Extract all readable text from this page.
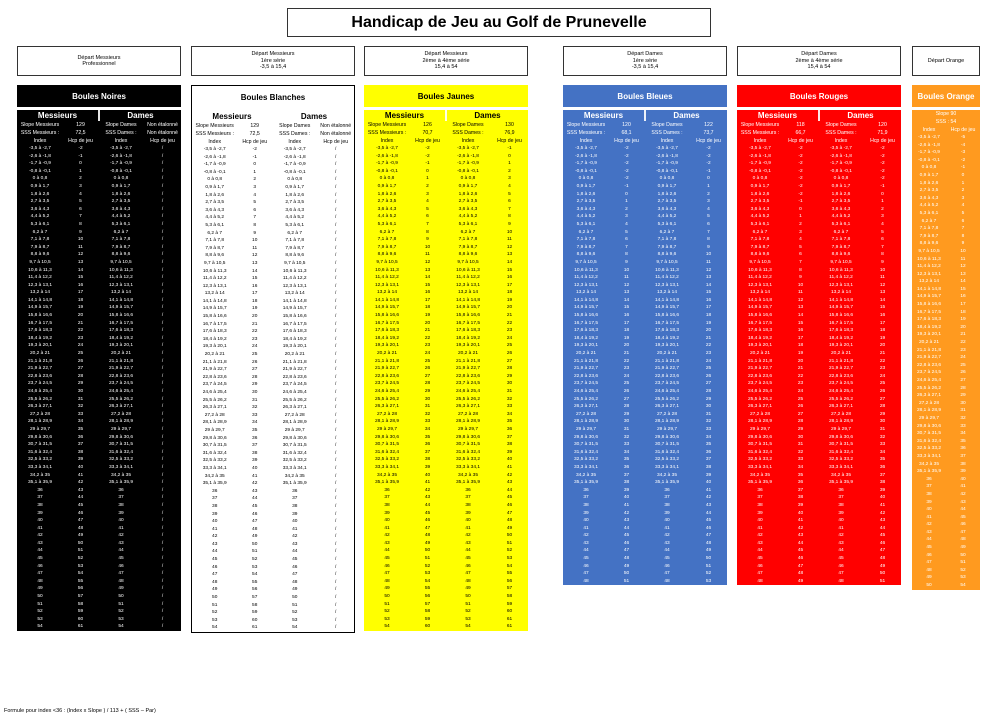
Handicap de Jeu au Golf de Prunevelle
Départ Messieurs
Professionnel
Départ Messieurs
1ère série
-3,5 à 15,4
Départ Messieurs
2ème à 4ème série
15,4 à 54
Départ Dames
1ère série
-3,5 à 15,4
Départ Dames
2ème à 4ème série
15,4 à 54
Départ Orange
Boules Noires
Messieurs	Dames
Slope Messieurs	129	Slope Dames	Non étalonné
SSS Messieurs :	72,5	SSS Dames :	Non étalonné
Index	Hcp de jeu	Index	Hcp de jeu
-3,5 à -2,7	-2	-3,5 à -2,7	/
-2,6 à -1,8	-1	-2,6 à -1,8	/
-1,7 à -0,9	0	-1,7 à -0,9	/
-0,8 à -0,1	1	-0,8 à -0,1	/
0 à 0,8	2	0 à 0,8	/
0,9 à 1,7	3	0,9 à 1,7	/
1,8 à 2,6	4	1,8 à 2,6	/
2,7 à 3,5	5	2,7 à 3,5	/
3,6 à 4,3	6	3,6 à 4,3	/
4,4 à 5,2	7	4,4 à 5,2	/
5,3 à 6,1	8	5,3 à 6,1	/
6,2 à 7	9	6,2 à 7	/
7,1 à 7,8	10	7,1 à 7,8	/
7,9 à 8,7	11	7,9 à 8,7	/
8,8 à 9,6	12	8,8 à 9,6	/
9,7 à 10,5	13	9,7 à 10,5	/
10,6 à 11,3	14	10,6 à 11,3	/
11,4 à 12,2	15	11,4 à 12,2	/
12,3 à 13,1	16	12,3 à 13,1	/
13,2 à 14	17	13,2 à 14	/
14,1 à 14,8	18	14,1 à 14,8	/
14,9 à 15,7	19	14,9 à 15,7	/
15,8 à 16,6	20	15,8 à 16,6	/
16,7 à 17,5	21	16,7 à 17,5	/
17,6 à 18,3	22	17,6 à 18,3	/
18,4 à 19,2	23	18,4 à 19,2	/
19,3 à 20,1	24	19,3 à 20,1	/
20,2 à 21	25	20,2 à 21	/
21,1 à 21,8	26	21,1 à 21,8	/
21,9 à 22,7	27	21,9 à 22,7	/
22,8 à 23,6	28	22,8 à 23,6	/
23,7 à 24,5	29	23,7 à 24,5	/
24,6 à 25,4	30	24,6 à 25,4	/
25,5 à 26,2	31	25,5 à 26,2	/
26,3 à 27,1	32	26,3 à 27,1	/
27,2 à 28	33	27,2 à 28	/
28,1 à 28,9	34	28,1 à 28,9	/
29 à 29,7	35	29 à 29,7	/
29,8 à 30,6	36	29,8 à 30,6	/
30,7 à 31,5	37	30,7 à 31,5	/
31,6 à 32,4	38	31,6 à 32,4	/
32,5 à 33,2	39	32,5 à 33,2	/
33,3 à 34,1	40	33,3 à 34,1	/
34,2 à 35	41	34,2 à 35	/
35,1 à 35,9	42	35,1 à 35,9	/
36	43	36	/
37	44	37	/
38	45	38	/
39	46	39	/
40	47	40	/
41	48	41	/
42	49	42	/
43	50	43	/
44	51	44	/
45	52	45	/
46	53	46	/
47	54	47	/
48	55	48	/
49	56	49	/
50	57	50	/
51	58	51	/
52	59	52	/
53	60	53	/
54	61	54	/
Boules Blanches
Messieurs	Dames
Slope Messieurs	129	Slope Dames	Non étalonné
SSS Messieurs :	72,5	SSS Dames :	Non étalonné
Index	Hcp de jeu	Index	Hcp de jeu
-3,5 à -2,7	-2	-3,5 à -2,7	/
-2,6 à -1,8	-1	-2,6 à -1,8	/
-1,7 à -0,9	0	-1,7 à -0,9	/
-0,8 à -0,1	1	-0,8 à -0,1	/
0 à 0,8	2	0 à 0,8	/
0,9 à 1,7	3	0,9 à 1,7	/
1,8 à 2,6	4	1,8 à 2,6	/
2,7 à 3,5	5	2,7 à 3,5	/
3,6 à 4,3	6	3,6 à 4,3	/
4,4 à 5,2	7	4,4 à 5,2	/
5,3 à 6,1	8	5,3 à 6,1	/
6,2 à 7	9	6,2 à 7	/
7,1 à 7,8	10	7,1 à 7,8	/
7,9 à 8,7	11	7,9 à 8,7	/
8,8 à 9,6	12	8,8 à 9,6	/
9,7 à 10,5	13	9,7 à 10,5	/
10,6 à 11,3	14	10,6 à 11,3	/
11,4 à 12,2	15	11,4 à 12,2	/
12,3 à 13,1	16	12,3 à 13,1	/
13,2 à 14	17	13,2 à 14	/
14,1 à 14,8	18	14,1 à 14,8	/
14,9 à 15,7	19	14,9 à 15,7	/
15,8 à 16,6	20	15,8 à 16,6	/
16,7 à 17,5	21	16,7 à 17,5	/
17,6 à 18,3	22	17,6 à 18,3	/
18,4 à 19,2	23	18,4 à 19,2	/
19,3 à 20,1	24	19,3 à 20,1	/
20,2 à 21	25	20,2 à 21	/
21,1 à 21,8	26	21,1 à 21,8	/
21,9 à 22,7	27	21,9 à 22,7	/
22,8 à 23,6	28	22,8 à 23,6	/
23,7 à 24,5	29	23,7 à 24,5	/
24,6 à 25,4	30	24,6 à 25,4	/
25,5 à 26,2	31	25,5 à 26,2	/
26,3 à 27,1	32	26,3 à 27,1	/
27,2 à 28	33	27,2 à 28	/
28,1 à 28,9	34	28,1 à 28,9	/
29 à 29,7	35	29 à 29,7	/
29,8 à 30,6	36	29,8 à 30,6	/
30,7 à 31,5	37	30,7 à 31,5	/
31,6 à 32,4	38	31,6 à 32,4	/
32,5 à 33,2	39	32,5 à 33,2	/
33,3 à 34,1	40	33,3 à 34,1	/
34,2 à 35	41	34,2 à 35	/
35,1 à 35,9	42	35,1 à 35,9	/
36	43	36	/
37	44	37	/
38	45	38	/
39	46	39	/
40	47	40	/
41	48	41	/
42	49	42	/
43	50	43	/
44	51	44	/
45	52	45	/
46	53	46	/
47	54	47	/
48	55	48	/
49	56	49	/
50	57	50	/
51	58	51	/
52	59	52	/
53	60	53	/
54	61	54	/
Boules Jaunes
Messieurs	Dames
Slope Messieurs	126	Slope Dames	130
SSS Messieurs :	70,7	SSS Dames :	76,9
Index	Hcp de jeu	Index	Hcp de jeu
-3,5 à -2,7	-2	-3,5 à -2,7	-1
-2,6 à -1,8	-2	-2,6 à -1,8	0
-1,7 à -0,9	-1	-1,7 à -0,9	1
-0,8 à -0,1	0	-0,8 à -0,1	2
0 à 0,8	1	0 à 0,8	3
0,9 à 1,7	2	0,9 à 1,7	4
1,8 à 2,6	3	1,8 à 2,6	5
2,7 à 3,5	4	2,7 à 3,5	6
3,6 à 4,3	5	3,6 à 4,3	7
4,4 à 5,2	6	4,4 à 5,2	8
5,3 à 6,1	7	5,3 à 6,1	9
6,2 à 7	8	6,2 à 7	10
7,1 à 7,8	9	7,1 à 7,8	11
7,9 à 8,7	10	7,9 à 8,7	12
8,8 à 9,6	11	8,8 à 9,6	13
9,7 à 10,5	12	9,7 à 10,5	14
10,6 à 11,3	13	10,6 à 11,3	15
11,4 à 12,2	14	11,4 à 12,2	16
12,3 à 13,1	15	12,3 à 13,1	17
13,2 à 14	16	13,2 à 14	18
14,1 à 14,8	17	14,1 à 14,8	19
14,9 à 15,7	18	14,9 à 15,7	20
15,8 à 16,6	19	15,8 à 16,6	21
16,7 à 17,5	20	16,7 à 17,5	22
17,6 à 18,3	21	17,6 à 18,3	23
18,4 à 19,2	22	18,4 à 19,2	24
19,3 à 20,1	23	19,3 à 20,1	25
20,2 à 21	24	20,2 à 21	26
21,1 à 21,8	25	21,1 à 21,8	27
21,9 à 22,7	26	21,9 à 22,7	28
22,8 à 23,6	27	22,8 à 23,6	29
23,7 à 24,5	28	23,7 à 24,5	30
24,6 à 25,4	29	24,6 à 25,4	31
25,5 à 26,2	30	25,5 à 26,2	32
26,3 à 27,1	31	26,3 à 27,1	33
27,2 à 28	32	27,2 à 28	34
28,1 à 28,9	33	28,1 à 28,9	35
29 à 29,7	34	29 à 29,7	36
29,8 à 30,6	35	29,8 à 30,6	37
30,7 à 31,5	36	30,7 à 31,5	38
31,6 à 32,4	37	31,6 à 32,4	39
32,5 à 33,2	38	32,5 à 33,2	40
33,3 à 34,1	39	33,3 à 34,1	41
34,2 à 35	40	34,2 à 35	42
35,1 à 35,9	41	35,1 à 35,9	43
36	42	36	44
37	43	37	45
38	44	38	46
39	45	39	47
40	46	40	48
41	47	41	49
42	48	42	50
43	49	43	51
44	50	44	52
45	51	45	53
46	52	46	54
47	53	47	55
48	54	48	56
49	55	49	57
50	56	50	58
51	57	51	59
52	58	52	60
53	59	53	61
54	60	54	61
Boules Bleues
Messieurs	Dames
Slope Messieurs	120	Slope Dames	122
SSS Messieurs :	68,1	SSS Dames :	73,7
Index	Hcp de jeu	Index	Hcp de jeu
-3,5 à -2,7	-2	-3,5 à -2,7	-2
-2,6 à -1,8	-2	-2,6 à -1,8	-2
-1,7 à -0,9	-2	-1,7 à -0,9	-2
-0,8 à -0,1	-2	-0,8 à -0,1	-1
0 à 0,8	-2	0 à 0,8	0
0,9 à 1,7	-1	0,9 à 1,7	1
1,8 à 2,6	0	1,8 à 2,6	2
2,7 à 3,5	1	2,7 à 3,5	3
3,6 à 4,3	2	3,6 à 4,3	4
4,4 à 5,2	3	4,4 à 5,2	5
5,3 à 6,1	4	5,3 à 6,1	6
6,2 à 7	5	6,2 à 7	7
7,1 à 7,8	6	7,1 à 7,8	8
7,9 à 8,7	7	7,9 à 8,7	9
8,8 à 9,6	8	8,8 à 9,6	10
9,7 à 10,5	9	9,7 à 10,5	11
10,6 à 11,3	10	10,6 à 11,3	12
11,4 à 12,2	11	11,4 à 12,2	13
12,3 à 13,1	12	12,3 à 13,1	14
13,2 à 14	13	13,2 à 14	15
14,1 à 14,8	14	14,1 à 14,8	16
14,9 à 15,7	15	14,9 à 15,7	17
15,8 à 16,6	16	15,8 à 16,6	18
16,7 à 17,5	17	16,7 à 17,5	19
17,6 à 18,3	18	17,6 à 18,3	20
18,4 à 19,2	19	18,4 à 19,2	21
19,3 à 20,1	20	19,3 à 20,1	22
20,2 à 21	21	20,2 à 21	23
21,1 à 21,8	22	21,1 à 21,8	24
21,9 à 22,7	23	21,9 à 22,7	25
22,8 à 23,6	24	22,8 à 23,6	26
23,7 à 24,5	25	23,7 à 24,5	27
24,6 à 25,4	26	24,6 à 25,4	28
25,5 à 26,2	27	25,5 à 26,2	29
26,3 à 27,1	28	26,3 à 27,1	30
27,2 à 28	29	27,2 à 28	31
28,1 à 28,9	30	28,1 à 28,9	32
29 à 29,7	31	29 à 29,7	33
29,8 à 30,6	32	29,8 à 30,6	34
30,7 à 31,5	33	30,7 à 31,5	35
31,6 à 32,4	34	31,6 à 32,4	36
32,5 à 33,2	35	32,5 à 33,2	37
33,3 à 34,1	36	33,3 à 34,1	38
34,2 à 35	37	34,2 à 35	39
35,1 à 35,9	38	35,1 à 35,9	40
36	39	36	41
37	40	37	42
38	41	38	43
39	42	39	44
40	43	40	45
41	44	41	46
42	45	42	47
43	46	43	48
44	47	44	49
45	48	45	50
46	49	46	51
47	50	47	52
48	51	48	53
Boules Rouges
Messieurs	Dames
Slope Messieurs	118	Slope Dames	120
SSS Messieurs :	66,7	SSS Dames :	71,9
Index	Hcp de jeu	Index	Hcp de jeu
-3,5 à -2,7	-2	-3,5 à -2,7	-2
-2,6 à -1,8	-2	-2,6 à -1,8	-2
-1,7 à -0,9	-2	-1,7 à -0,9	-2
-0,8 à -0,1	-2	-0,8 à -0,1	-2
0 à 0,8	-2	0 à 0,8	-2
0,9 à 1,7	-2	0,9 à 1,7	-1
1,8 à 2,6	-2	1,8 à 2,6	0
2,7 à 3,5	-1	2,7 à 3,5	1
3,6 à 4,3	0	3,6 à 4,3	2
4,4 à 5,2	1	4,4 à 5,2	3
5,3 à 6,1	2	5,3 à 6,1	4
6,2 à 7	3	6,2 à 7	5
7,1 à 7,8	4	7,1 à 7,8	6
7,9 à 8,7	5	7,9 à 8,7	7
8,8 à 9,6	6	8,8 à 9,6	8
9,7 à 10,5	7	9,7 à 10,5	9
10,6 à 11,3	8	10,6 à 11,3	10
11,4 à 12,2	9	11,4 à 12,2	11
12,3 à 13,1	10	12,3 à 13,1	12
13,2 à 14	11	13,2 à 14	13
14,1 à 14,8	12	14,1 à 14,8	14
14,9 à 15,7	13	14,9 à 15,7	15
15,8 à 16,6	14	15,8 à 16,6	16
16,7 à 17,5	15	16,7 à 17,5	17
17,6 à 18,3	16	17,6 à 18,3	18
18,4 à 19,2	17	18,4 à 19,2	19
19,3 à 20,1	18	19,3 à 20,1	20
20,2 à 21	19	20,2 à 21	21
21,1 à 21,8	20	21,1 à 21,8	22
21,9 à 22,7	21	21,9 à 22,7	23
22,8 à 23,6	22	22,8 à 23,6	24
23,7 à 24,5	23	23,7 à 24,5	25
24,6 à 25,4	24	24,6 à 25,4	26
25,5 à 26,2	25	25,5 à 26,2	27
26,3 à 27,1	26	26,3 à 27,1	28
27,2 à 28	27	27,2 à 28	29
28,1 à 28,9	28	28,1 à 28,9	30
29 à 29,7	29	29 à 29,7	31
29,8 à 30,6	30	29,8 à 30,6	32
30,7 à 31,5	31	30,7 à 31,5	33
31,6 à 32,4	32	31,6 à 32,4	34
32,5 à 33,2	33	32,5 à 33,2	35
33,3 à 34,1	34	33,3 à 34,1	36
34,2 à 35	35	34,2 à 35	37
35,1 à 35,9	36	35,1 à 35,9	38
36	37	36	39
37	38	37	40
38	39	38	41
39	40	39	42
40	41	40	43
41	42	41	44
42	43	42	45
43	44	43	46
44	45	44	47
45	46	45	48
46	47	46	49
47	48	47	50
48	49	48	51
Boules Orange
Slope 90
SSS : 54
Index	Hcp de jeu
-3,5 à -2,7	-5
-2,6 à -1,8	-4
-1,7 à -0,9	-3
-0,8 à -0,1	-2
0 à 0,8	-1
0,9 à 1,7	0
1,8 à 2,6	1
2,7 à 3,5	2
3,6 à 4,3	3
4,4 à 5,2	4
5,3 à 6,1	5
6,2 à 7	6
7,1 à 7,8	7
7,9 à 8,7	8
8,8 à 9,6	9
9,7 à 10,5	10
10,6 à 11,3	11
11,4 à 12,2	12
12,3 à 13,1	13
13,2 à 14	14
14,1 à 14,8	15
14,9 à 15,7	16
15,8 à 16,6	17
16,7 à 17,5	18
17,6 à 18,3	19
18,4 à 19,2	20
19,3 à 20,1	21
20,2 à 21	22
21,1 à 21,8	23
21,9 à 22,7	24
22,8 à 23,6	25
23,7 à 24,5	26
24,6 à 25,4	27
25,5 à 26,2	28
26,3 à 27,1	29
27,2 à 28	30
28,1 à 28,9	31
29 à 29,7	32
29,8 à 30,6	33
30,7 à 31,5	34
31,6 à 32,4	35
32,5 à 33,2	36
33,3 à 34,1	37
34,2 à 35	38
35,1 à 35,9	39
36	40
37	41
38	42
39	43
40	44
41	45
42	46
43	47
44	48
45	49
46	50
47	51
48	52
49	53
50	54
Formule pour index <36 : (Index x Slope ) / 113 + ( SSS – Par)
